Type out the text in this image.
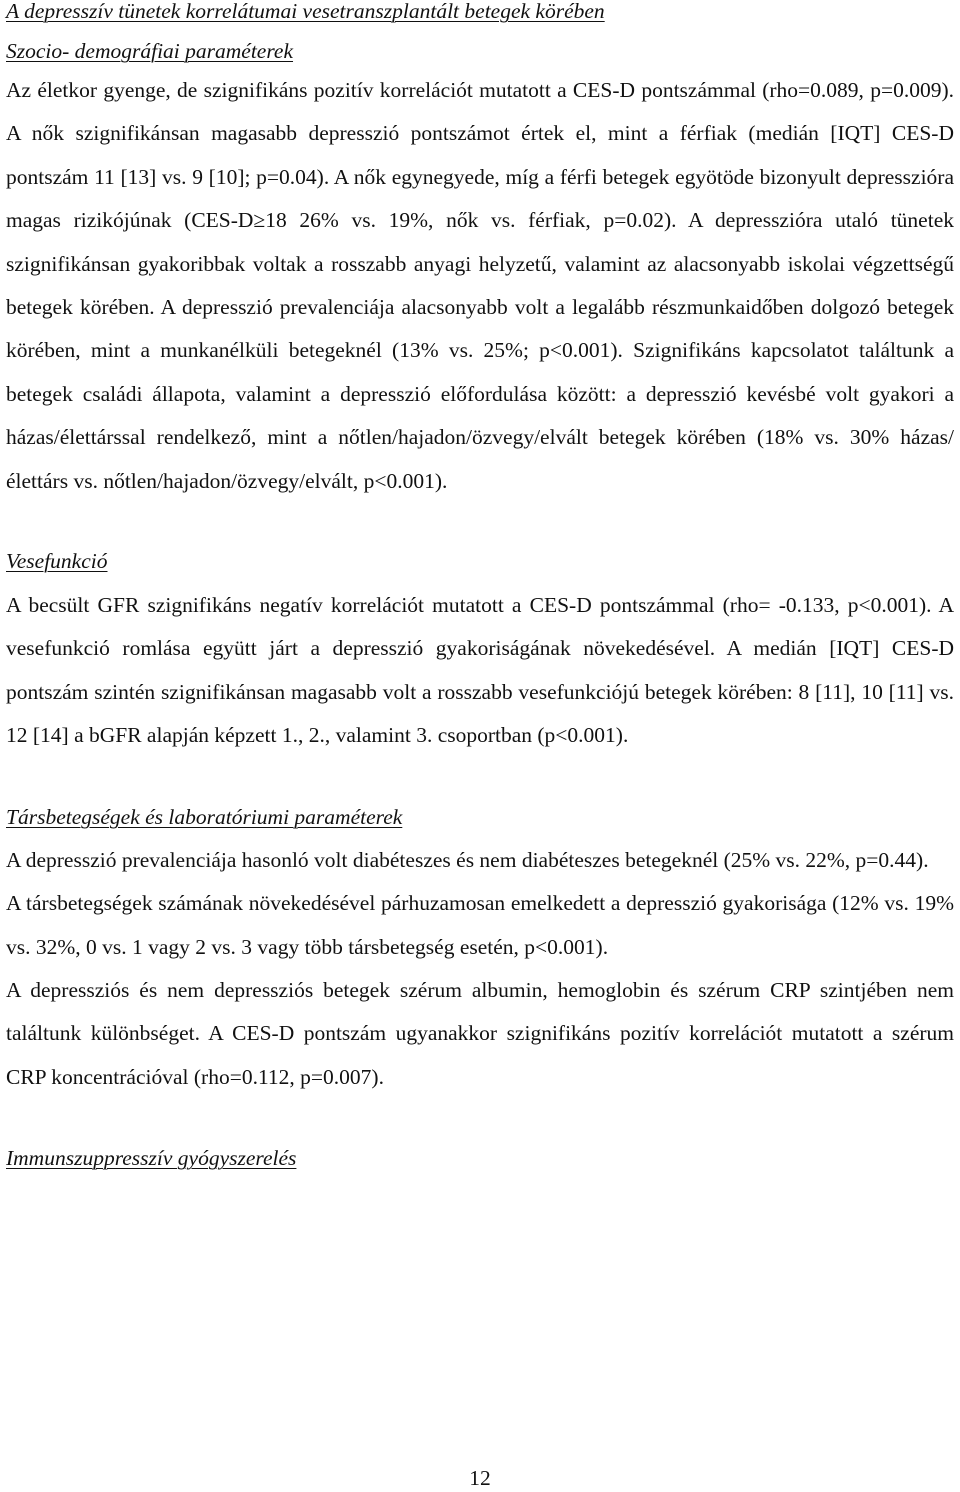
A depresszív tünetek korrelátumai vesetranszplantált betegek körében

Szocio- demográfiai paraméterek

Az életkor gyenge, de szignifikáns pozitív korrelációt mutatott a CES-D pontszámmal (rho=0.089, p=0.009). A nők szignifikánsan magasabb depresszió pontszámot értek el, mint a férfiak (medián [IQT] CES-D pontszám 11 [13] vs. 9 [10]; p=0.04). A nők egynegyede, míg a férfi betegek egyötöde bizonyult depresszióra magas rizikójúnak (CES-D≥18 26% vs. 19%, nők vs. férfiak, p=0.02). A depresszióra utaló tünetek szignifikánsan gyakoribbak voltak a rosszabb anyagi helyzetű, valamint az alacsonyabb iskolai végzettségű betegek körében. A depresszió prevalenciája alacsonyabb volt a legalább részmunkaidőben dolgozó betegek körében, mint a munkanélküli betegeknél (13% vs. 25%; p<0.001). Szignifikáns kapcsolatot találtunk a betegek családi állapota, valamint a depresszió előfordulása között: a depresszió kevésbé volt gyakori a házas/élettárssal rendelkező, mint a nőtlen/hajadon/özvegy/elvált betegek körében (18% vs. 30% házas/élettárs vs. nőtlen/hajadon/özvegy/elvált, p<0.001).

Vesefunkció

A becsült GFR szignifikáns negatív korrelációt mutatott a CES-D pontszámmal (rho= -0.133, p<0.001). A vesefunkció romlása együtt járt a depresszió gyakoriságának növekedésével. A medián [IQT] CES-D pontszám szintén szignifikánsan magasabb volt a rosszabb vesefunkciójú betegek körében: 8 [11], 10 [11] vs. 12 [14] a bGFR alapján képzett 1., 2., valamint 3. csoportban (p<0.001).

Társbetegségek és laboratóriumi paraméterek

A depresszió prevalenciája hasonló volt diabéteszes és nem diabéteszes betegeknél (25% vs. 22%, p=0.44).

A társbetegségek számának növekedésével párhuzamosan emelkedett a depresszió gyakorisága (12% vs. 19% vs. 32%, 0 vs. 1 vagy 2 vs. 3 vagy több társbetegség esetén, p<0.001).

A depressziós és nem depressziós betegek szérum albumin, hemoglobin és szérum CRP szintjében nem találtunk különbséget. A CES-D pontszám ugyanakkor szignifikáns pozitív korrelációt mutatott a szérum CRP koncentrációval (rho=0.112, p=0.007).

Immunszuppresszív gyógyszerelés

12
